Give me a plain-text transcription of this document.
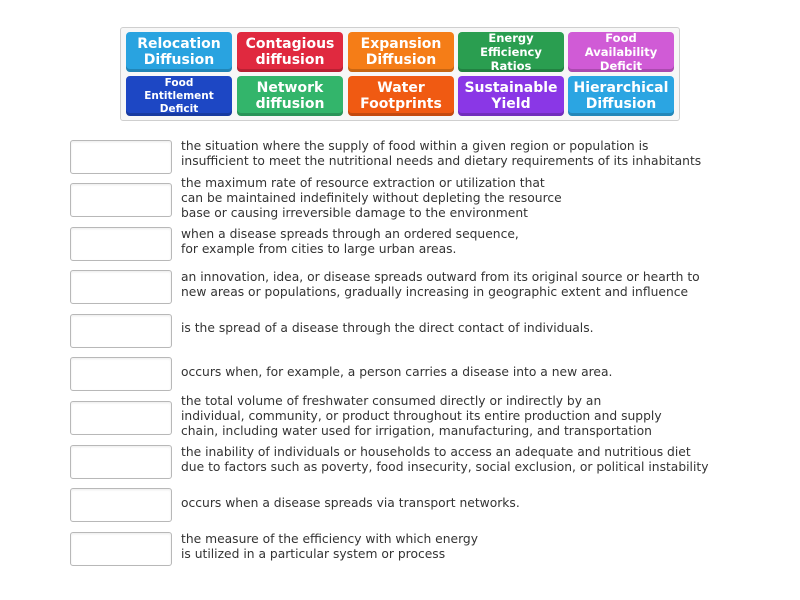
Relocation
Diffusion
Contagious
diffusion
Expansion
Diffusion
Energy
Efficiency Ratios
Food Availability
Deficit
Food Entitlement
Deficit
Network
diffusion
Water
Footprints
Sustainable
Yield
Hierarchical
Diffusion
the situation where the supply of food within a given region or population is
insufficient to meet the nutritional needs and dietary requirements of its inhabitants
the maximum rate of resource extraction or utilization that
can be maintained indefinitely without depleting the resource
base or causing irreversible damage to the environment
when a disease spreads through an ordered sequence,
for example from cities to large urban areas.
an innovation, idea, or disease spreads outward from its original source or hearth to
new areas or populations, gradually increasing in geographic extent and influence
is the spread of a disease through the direct contact of individuals.
occurs when, for example, a person carries a disease into a new area.
the total volume of freshwater consumed directly or indirectly by an
individual, community, or product throughout its entire production and supply
chain, including water used for irrigation, manufacturing, and transportation
the inability of individuals or households to access an adequate and nutritious diet
due to factors such as poverty, food insecurity, social exclusion, or political instability
occurs when a disease spreads via transport networks.
the measure of the efficiency with which energy
is utilized in a particular system or process
